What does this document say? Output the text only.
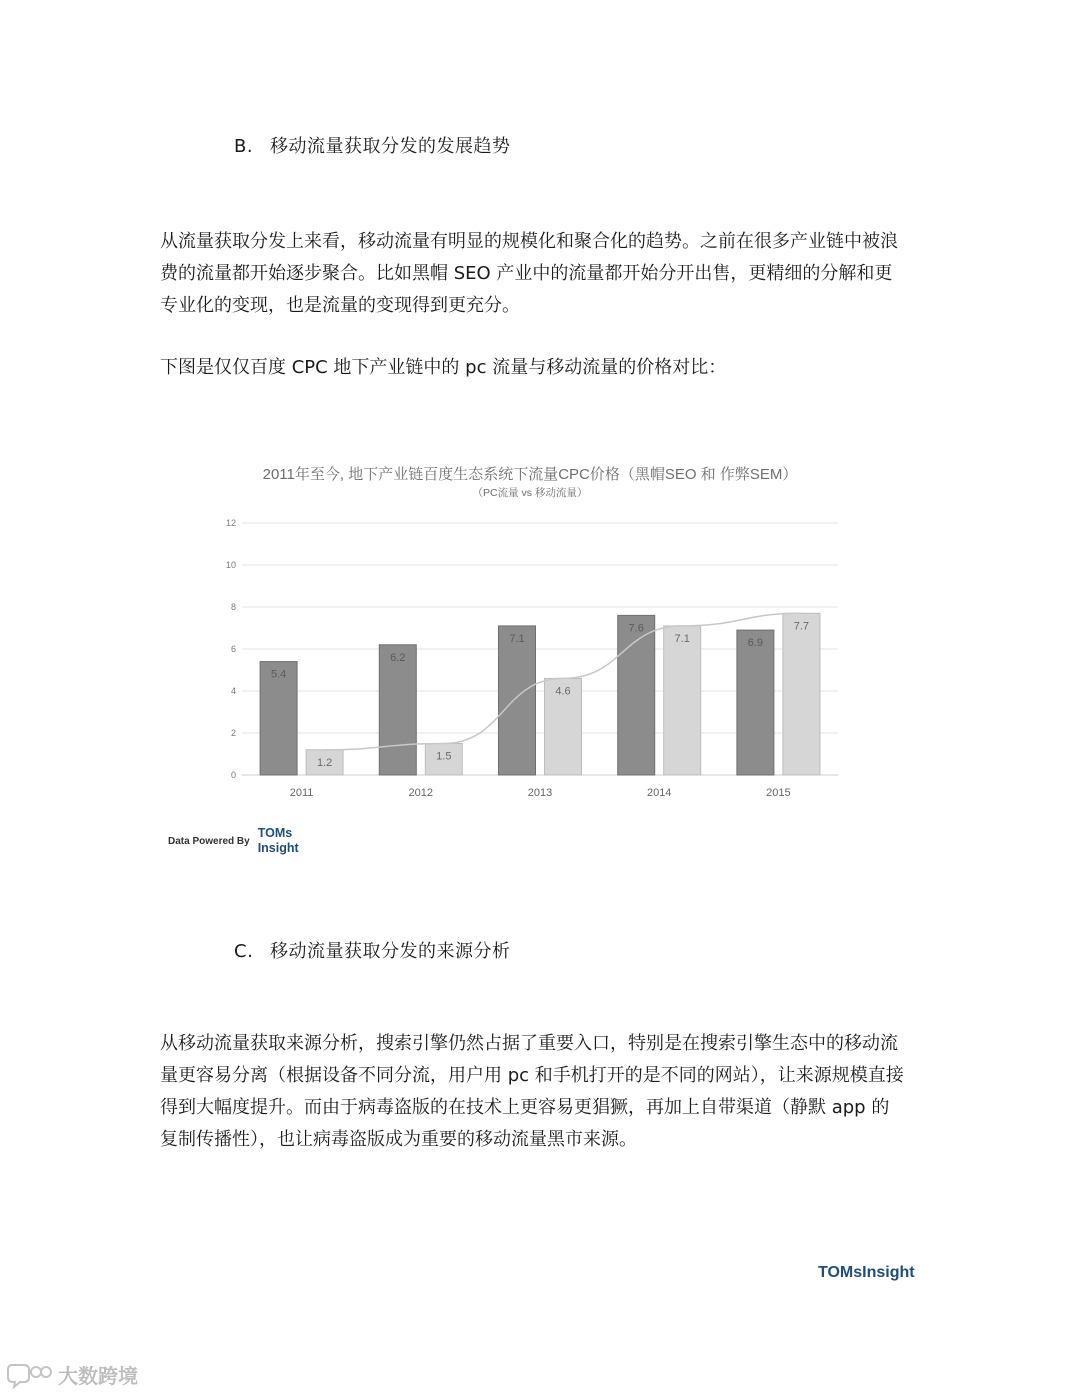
B. 移动流量获取分发的发展趋势
从流量获取分发上来看，移动流量有明显的规模化和聚合化的趋势。之前在很多产业链中被浪
费的流量都开始逐步聚合。比如黑帽 SEO 产业中的流量都开始分开出售，更精细的分解和更
专业化的变现，也是流量的变现得到更充分。
下图是仅仅百度 CPC 地下产业链中的 pc 流量与移动流量的价格对比：
2011年至今, 地下产业链百度生态系统下流量CPC价格（黑帽SEO 和 作弊SEM）
（PC流量 vs 移动流量）
0
2
4
6
8
10
12
5.4
1.2
6.2
1.5
7.1
4.6
7.6
7.1	6.9
7.7
2011	2012	2013	2014	2015
Data Powered By
TOMs
Insight
C. 移动流量获取分发的来源分析
从移动流量获取来源分析，搜索引擎仍然占据了重要入口，特别是在搜索引擎生态中的移动流
量更容易分离（根据设备不同分流，用户用 pc 和手机打开的是不同的网站），让来源规模直接
得到大幅度提升。而由于病毒盗版的在技术上更容易更猖獗，再加上自带渠道（静默 app 的
复制传播性），也让病毒盗版成为重要的移动流量黑市来源。
TOMsInsight
大数跨境
